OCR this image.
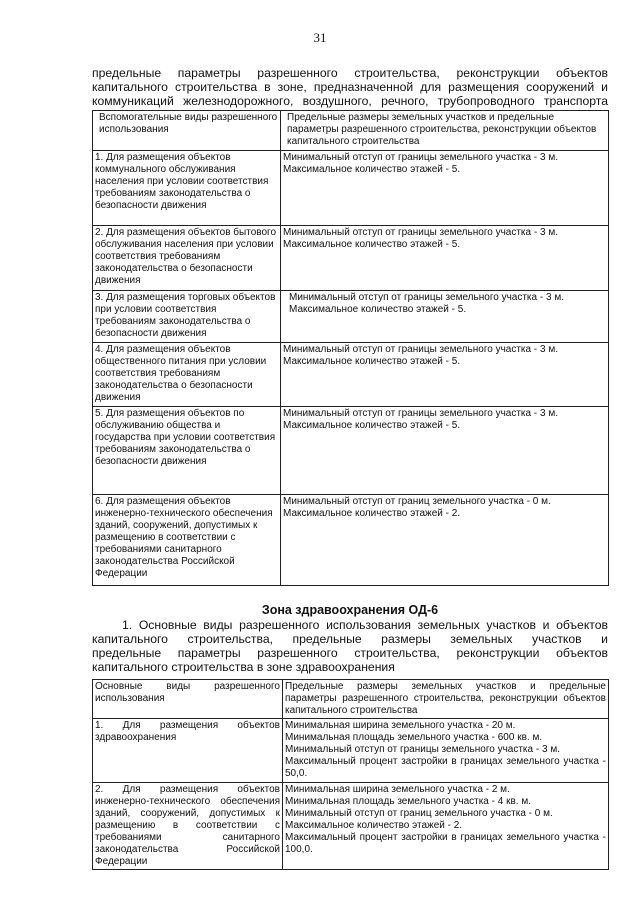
31
предельные параметры разрешенного строительства, реконструкции объектов
капитального строительства в зоне, предназначенной для размещения сооружений и
коммуникаций железнодорожного, воздушного, речного, трубопроводного транспорта
Вспомогательные виды разрешенного использования	Предельные размеры земельных участков и предельные параметры разрешенного строительства, реконструкции объектов капитального строительства
1. Для размещения объектов коммунального обслуживания населения при условии соответствия требованиям законодательства о безопасности движения	Минимальный отступ от границы земельного участка - 3 м.
Максимальное количество этажей - 5.

2. Для размещения объектов бытового обслуживания населения при условии соответствия требованиям законодательства о безопасности движения	Минимальный отступ от границы земельного участка - 3 м.
Максимальное количество этажей - 5.

3. Для размещения торговых объектов при условии соответствия требованиям законодательства о безопасности движения	Минимальный отступ от границы земельного участка - 3 м.
Максимальное количество этажей - 5.

4. Для размещения объектов общественного питания при условии соответствия требованиям законодательства о безопасности движения	Минимальный отступ от границы земельного участка - 3 м.
Максимальное количество этажей - 5.

5. Для размещения объектов по обслуживанию общества и государства при условии соответствия требованиям законодательства о безопасности движения	Минимальный отступ от границы земельного участка - 3 м.
Максимальное количество этажей - 5.

6. Для размещения объектов инженерно-технического обеспечения зданий, сооружений, допустимых к размещению в соответствии с требованиями санитарного законодательства Российской Федерации	Минимальный отступ от границ земельного участка - 0 м.
Максимальное количество этажей - 2.
Зона здравоохранения ОД-6
1. Основные виды разрешенного использования земельных участков и объектов
капитального строительства, предельные размеры земельных участков и
предельные параметры разрешенного строительства, реконструкции объектов
капитального строительства в зоне здравоохранения
Основные виды разрешенного использования	Предельные размеры земельных участков и предельные параметры разрешенного строительства, реконструкции объектов капитального строительства
1. Для размещения объектов здравоохранения	Минимальная ширина земельного участка - 20 м.
Минимальная площадь земельного участка - 600 кв. м.
Минимальный отступ от границы земельного участка - 3 м.
Максимальный процент застройки в границах земельного участка - 50,0.

2. Для размещения объектов инженерно-технического обеспечения зданий, сооружений, допустимых к размещению в соответствии с требованиями санитарного законодательства Российской Федерации	Минимальная ширина земельного участка - 2 м.
Минимальная площадь земельного участка - 4 кв. м.
Минимальный отступ от границ земельного участка - 0 м.
Максимальное количество этажей - 2.
Максимальный процент застройки в границах земельного участка - 100,0.
